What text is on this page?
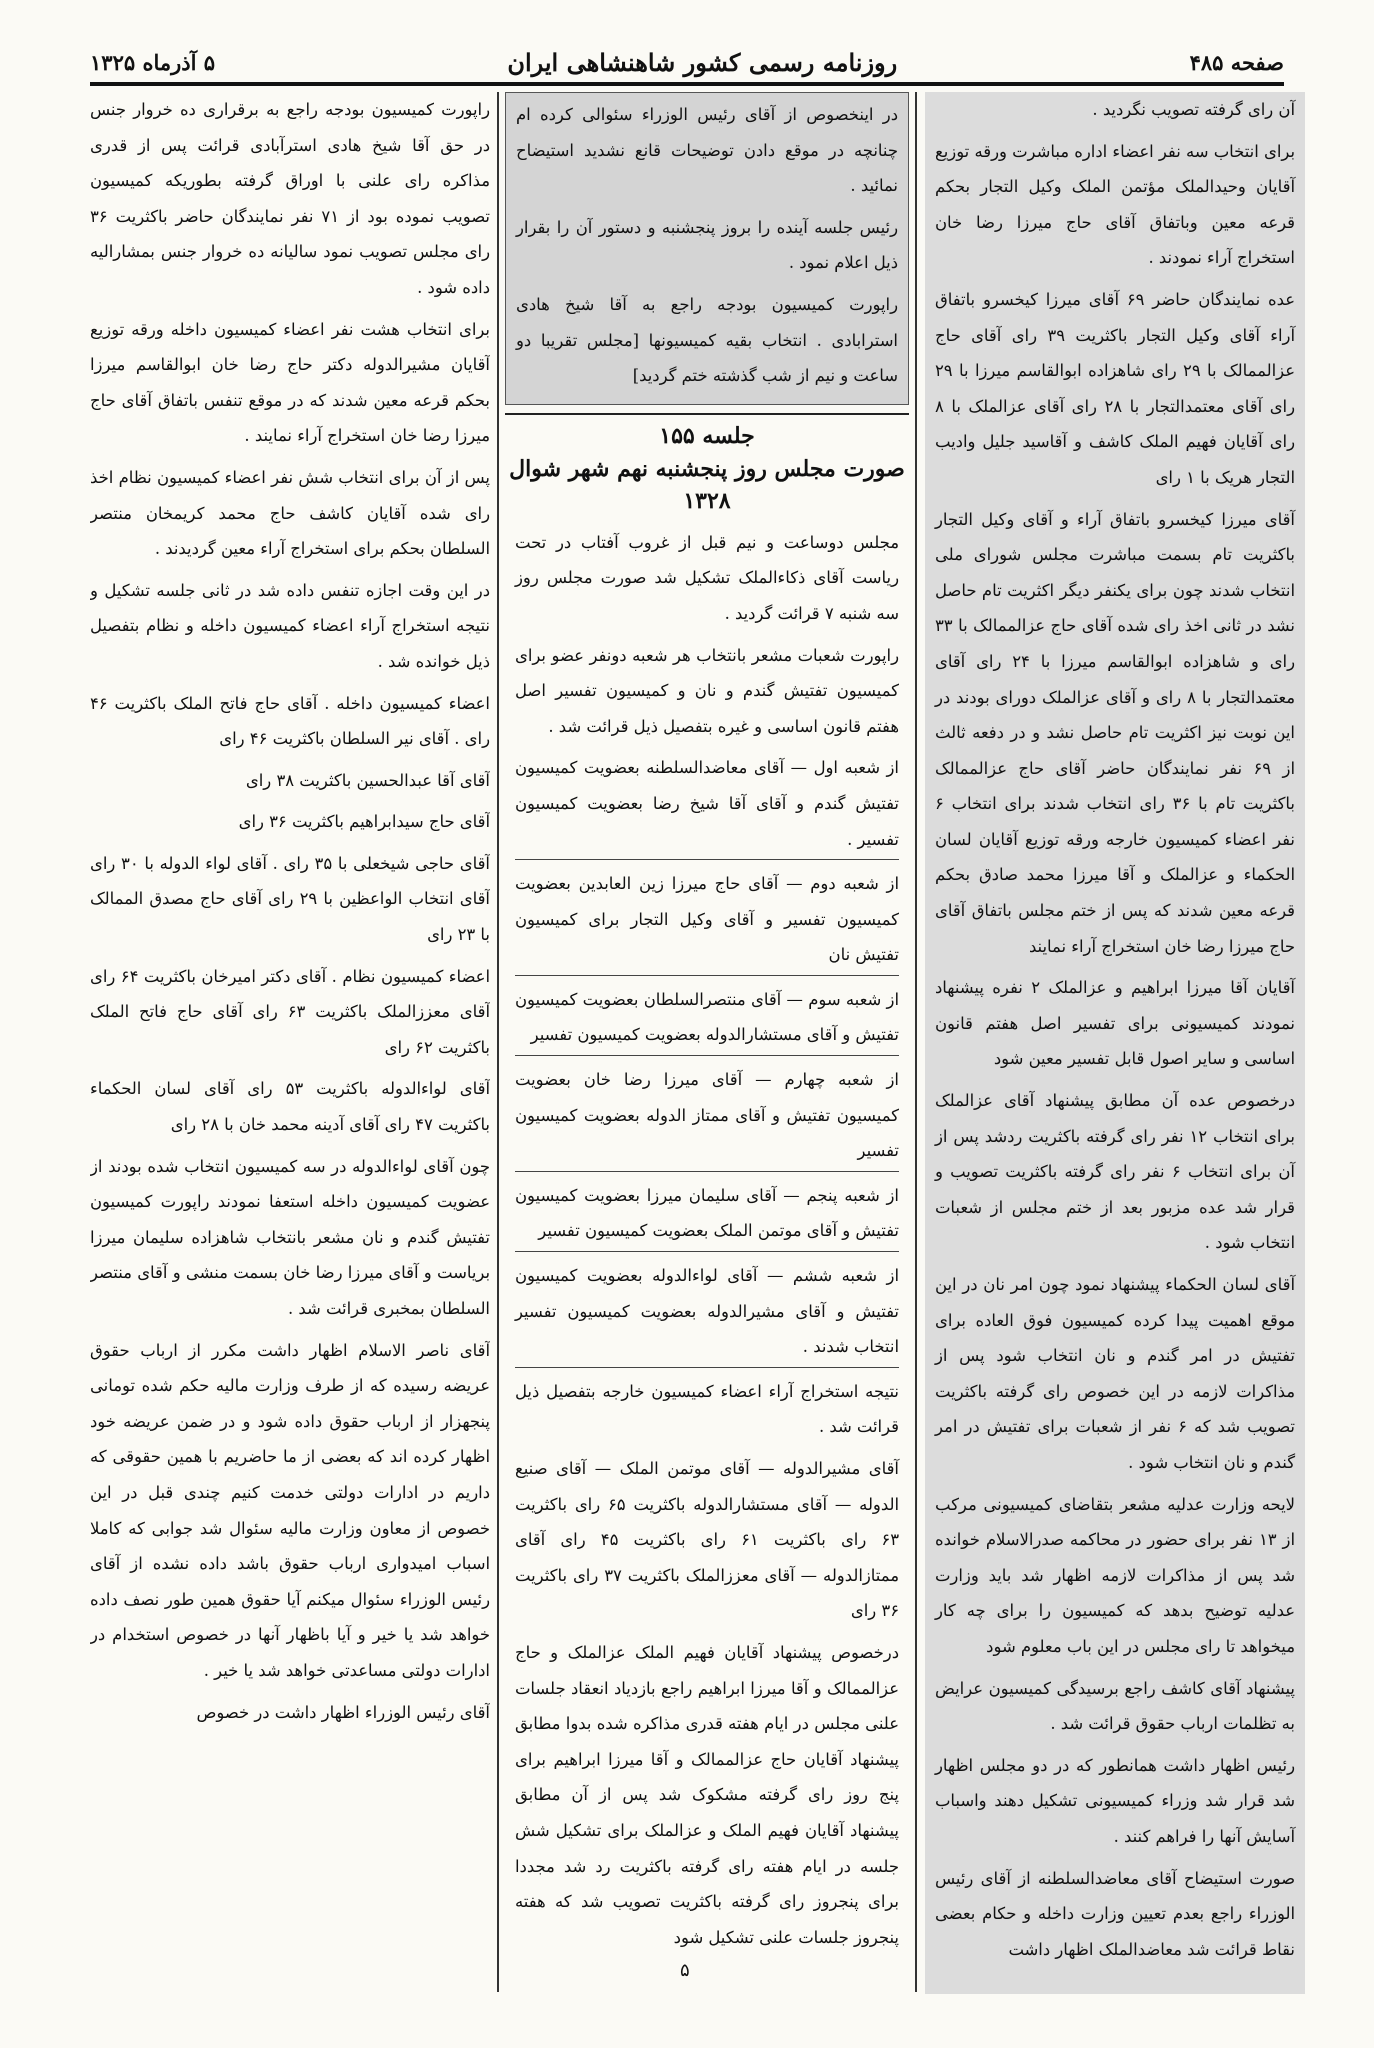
صفحه ۴۸۵
روزنامه رسمی کشور شاهنشاهی ایران
۵ آذرماه ۱۳۲۵

آن رای گرفته تصویب نگردید .

برای انتخاب سه نفر اعضاء اداره مباشرت ورقه توزیع آقایان وحیدالملک مؤتمن الملک وکیل التجار بحکم قرعه معین وباتفاق آقای حاج میرزا رضا خان استخراج آراء نمودند .

عده نمایندگان حاضر ۶۹ آقای میرزا کیخسرو باتفاق آراء آقای وکیل التجار باکثریت ۳۹ رای آقای حاج عزالممالک با ۲۹ رای شاهزاده ابوالقاسم میرزا با ۲۹ رای آقای معتمدالتجار با ۲۸ رای آقای عزالملک با ۸ رای آقایان فهیم الملک کاشف و آقاسید جلیل وادیب التجار هریک با ۱ رای

آقای میرزا کیخسرو باتفاق آراء و آقای وکیل التجار باکثریت تام بسمت مباشرت مجلس شورای ملی انتخاب شدند چون برای یکنفر دیگر اکثریت تام حاصل نشد در ثانی اخذ رای شده آقای حاج عزالممالک با ۳۳ رای و شاهزاده ابوالقاسم میرزا با ۲۴ رای آقای معتمدالتجار با ۸ رای و آقای عزالملک دورای بودند در این نوبت نیز اکثریت تام حاصل نشد و در دفعه ثالث از ۶۹ نفر نمایندگان حاضر آقای حاج عزالممالک باکثریت تام با ۳۶ رای انتخاب شدند برای انتخاب ۶ نفر اعضاء کمیسیون خارجه ورقه توزیع آقایان لسان الحکماء و عزالملک و آقا میرزا محمد صادق بحکم قرعه معین شدند که پس از ختم مجلس باتفاق آقای حاج میرزا رضا خان استخراج آراء نمایند

آقایان آقا میرزا ابراهیم و عزالملک ۲ نفره پیشنهاد نمودند کمیسیونی برای تفسیر اصل هفتم قانون اساسی و سایر اصول قابل تفسیر معین شود

درخصوص عده آن مطابق پیشنهاد آقای عزالملک برای انتخاب ۱۲ نفر رای گرفته باکثریت ردشد پس از آن برای انتخاب ۶ نفر رای گرفته باکثریت تصویب و قرار شد عده مزبور بعد از ختم مجلس از شعبات انتخاب شود .

آقای لسان الحکماء پیشنهاد نمود چون امر نان در این موقع اهمیت پیدا کرده کمیسیون فوق العاده برای تفتیش در امر گندم و نان انتخاب شود پس از مذاکرات لازمه در این خصوص رای گرفته باکثریت تصویب شد که ۶ نفر از شعبات برای تفتیش در امر گندم و نان انتخاب شود .

لایحه وزارت عدلیه مشعر بتقاضای کمیسیونی مرکب از ۱۳ نفر برای حضور در محاکمه صدرالاسلام خوانده شد پس از مذاکرات لازمه اظهار شد باید وزارت عدلیه توضیح بدهد که کمیسیون را برای چه کار میخواهد تا رای مجلس در این باب معلوم شود

پیشنهاد آقای کاشف راجع برسیدگی کمیسیون عرایض به تظلمات ارباب حقوق قرائت شد .

رئیس اظهار داشت همانطور که در دو مجلس اظهار شد قرار شد وزراء کمیسیونی تشکیل دهند واسباب آسایش آنها را فراهم کنند .

صورت استیضاح آقای معاضدالسلطنه از آقای رئیس الوزراء راجع بعدم تعیین وزارت داخله و حکام بعضی نقاط قرائت شد معاضدالملک اظهار داشت

در اینخصوص از آقای رئیس الوزراء سئوالی کرده ام چنانچه در موقع دادن توضیحات قانع نشدید استیضاح نمائید .

رئیس جلسه آینده را بروز پنجشنبه و دستور آن را بقرار ذیل اعلام نمود .

راپورت کمیسیون بودجه راجع به آقا شیخ هادی استرابادی . انتخاب بقیه کمیسیونها [مجلس تقریبا دو ساعت و نیم از شب گذشته ختم گردید]

جلسه ۱۵۵
صورت مجلس روز پنجشنبه نهم شهر شوال ۱۳۲۸

مجلس دوساعت و نیم قبل از غروب آفتاب در تحت ریاست آقای ذکاءالملک تشکیل شد صورت مجلس روز سه شنبه ۷ قرائت گردید .

راپورت شعبات مشعر بانتخاب هر شعبه دونفر عضو برای کمیسیون تفتیش گندم و نان و کمیسیون تفسیر اصل هفتم قانون اساسی و غیره بتفصیل ذیل قرائت شد .

از شعبه اول — آقای معاضدالسلطنه بعضویت کمیسیون تفتیش گندم و آقای آقا شیخ رضا بعضویت کمیسیون تفسیر .

از شعبه دوم — آقای حاج میرزا زین العابدین بعضویت کمیسیون تفسیر و آقای وکیل التجار برای کمیسیون تفتیش نان

از شعبه سوم — آقای منتصرالسلطان بعضویت کمیسیون تفتیش و آقای مستشارالدوله بعضویت کمیسیون تفسیر

از شعبه چهارم — آقای میرزا رضا خان بعضویت کمیسیون تفتیش و آقای ممتاز الدوله بعضویت کمیسیون تفسیر

از شعبه پنجم — آقای سلیمان میرزا بعضویت کمیسیون تفتیش و آقای موتمن الملک بعضویت کمیسیون تفسیر

از شعبه ششم — آقای لواءالدوله بعضویت کمیسیون تفتیش و آقای مشیرالدوله بعضویت کمیسیون تفسیر انتخاب شدند .

نتیجه استخراج آراء اعضاء کمیسیون خارجه بتفصیل ذیل قرائت شد .

آقای مشیرالدوله — آقای موتمن الملک — آقای صنیع الدوله — آقای مستشارالدوله باکثریت ۶۵ رای باکثریت ۶۳ رای باکثریت ۶۱ رای باکثریت ۴۵ رای آقای ممتازالدوله — آقای معززالملک باکثریت ۳۷ رای باکثریت ۳۶ رای

درخصوص پیشنهاد آقایان فهیم الملک عزالملک و حاج عزالممالک و آقا میرزا ابراهیم راجع بازدیاد انعقاد جلسات علنی مجلس در ایام هفته قدری مذاکره شده بدوا مطابق پیشنهاد آقایان حاج عزالممالک و آقا میرزا ابراهیم برای پنج روز رای گرفته مشکوک شد پس از آن مطابق پیشنهاد آقایان فهیم الملک و عزالملک برای تشکیل شش جلسه در ایام هفته رای گرفته باکثریت رد شد مجددا برای پنجروز رای گرفته باکثریت تصویب شد که هفته پنجروز جلسات علنی تشکیل شود

راپورت کمیسیون بودجه راجع به برقراری ده خروار جنس در حق آقا شیخ هادی استرآبادی قرائت پس از قدری مذاکره رای علنی با اوراق گرفته بطوریکه کمیسیون تصویب نموده بود از ۷۱ نفر نمایندگان حاضر باکثریت ۳۶ رای مجلس تصویب نمود سالیانه ده خروار جنس بمشارالیه داده شود .

برای انتخاب هشت نفر اعضاء کمیسیون داخله ورقه توزیع آقایان مشیرالدوله دکتر حاج رضا خان ابوالقاسم میرزا بحکم قرعه معین شدند که در موقع تنفس باتفاق آقای حاج میرزا رضا خان استخراج آراء نمایند .

پس از آن برای انتخاب شش نفر اعضاء کمیسیون نظام اخذ رای شده آقایان کاشف حاج محمد کریمخان منتصر السلطان بحکم برای استخراج آراء معین گردیدند .

در این وقت اجازه تنفس داده شد در ثانی جلسه تشکیل و نتیجه استخراج آراء اعضاء کمیسیون داخله و نظام بتفصیل ذیل خوانده شد .

اعضاء کمیسیون داخله . آقای حاج فاتح الملک باکثریت ۴۶ رای . آقای نیر السلطان باکثریت ۴۶ رای

آقای آقا عبدالحسین باکثریت ۳۸ رای

آقای حاج سیدابراهیم باکثریت ۳۶ رای

آقای حاجی شیخعلی با ۳۵ رای . آقای لواء الدوله با ۳۰ رای آقای انتخاب الواعظین با ۲۹ رای آقای حاج مصدق الممالک با ۲۳ رای

اعضاء کمیسیون نظام . آقای دکتر امیرخان باکثریت ۶۴ رای آقای معززالملک باکثریت ۶۳ رای آقای حاج فاتح الملک باکثریت ۶۲ رای

آقای لواءالدوله باکثریت ۵۳ رای آقای لسان الحکماء باکثریت ۴۷ رای آقای آدینه محمد خان با ۲۸ رای

چون آقای لواءالدوله در سه کمیسیون انتخاب شده بودند از عضویت کمیسیون داخله استعفا نمودند راپورت کمیسیون تفتیش گندم و نان مشعر بانتخاب شاهزاده سلیمان میرزا بریاست و آقای میرزا رضا خان بسمت منشی و آقای منتصر السلطان بمخبری قرائت شد .

آقای ناصر الاسلام اظهار داشت مکرر از ارباب حقوق عریضه رسیده که از طرف وزارت مالیه حکم شده تومانی پنجهزار از ارباب حقوق داده شود و در ضمن عریضه خود اظهار کرده اند که بعضی از ما حاضریم با همین حقوقی که داریم در ادارات دولتی خدمت کنیم چندی قبل در این خصوص از معاون وزارت مالیه سئوال شد جوابی که کاملا اسباب امیدواری ارباب حقوق باشد داده نشده از آقای رئیس الوزراء سئوال میکنم آیا حقوق همین طور نصف داده خواهد شد یا خیر و آیا باظهار آنها در خصوص استخدام در ادارات دولتی مساعدتی خواهد شد یا خیر .

آقای رئیس الوزراء اظهار داشت در خصوص

۵
